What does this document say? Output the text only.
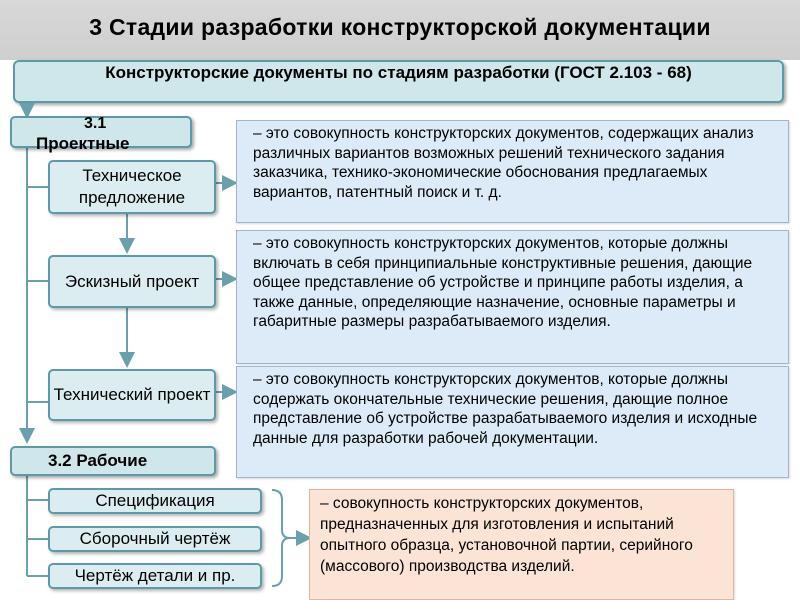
3 Стадии разработки конструкторской документации
Конструкторские документы по стадиям разработки (ГОСТ 2.103 - 68)
3.1
Проектные
Техническое предложение
Эскизный проект
Технический проект
– это совокупность конструкторских документов, содержащих анализ различных вариантов возможных решений технического задания заказчика, технико-экономические обоснования предлагаемых вариантов, патентный поиск и т. д.
– это совокупность конструкторских документов, которые должны включать в себя принципиальные конструктивные решения, дающие общее представление об устройстве и принципе работы изделия, а также данные, определяющие назначение, основные параметры и габаритные размеры разрабатываемого изделия.
– это совокупность конструкторских документов, которые должны содержать окончательные технические решения, дающие полное представление об устройстве разрабатываемого изделия и исходные данные для разработки рабочей документации.
3.2 Рабочие
Спецификация
Сборочный чертёж
Чертёж детали и пр.
– совокупность конструкторских документов, предназначенных для изготовления и испытаний опытного образца, установочной партии, серийного (массового) производства изделий.
